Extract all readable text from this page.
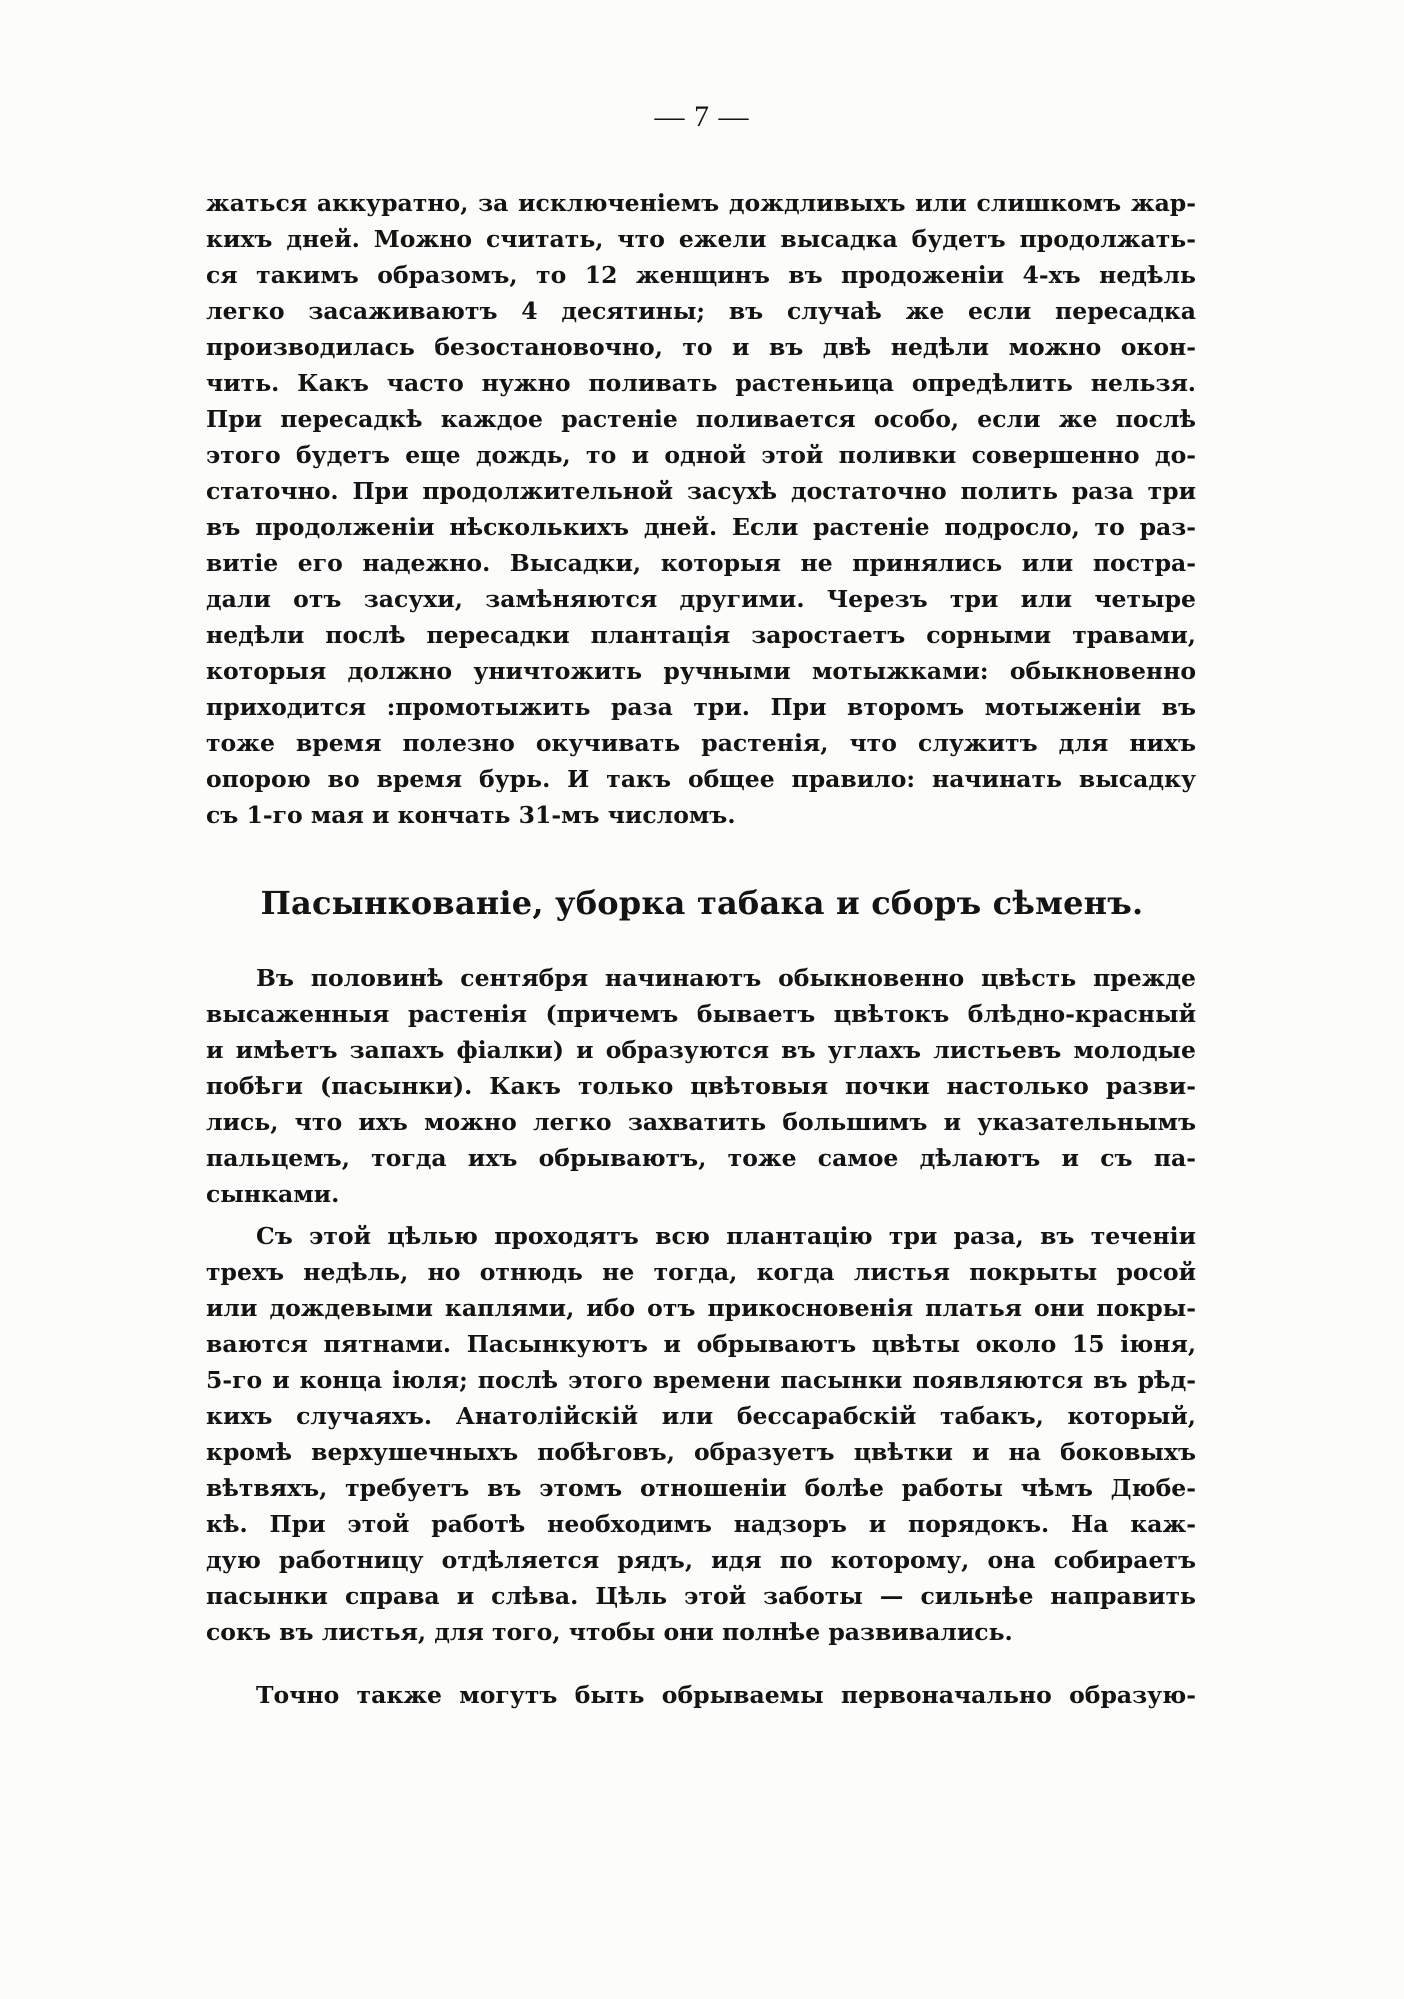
— 7 —
жаться аккуратно, за исключеніемъ дождливыхъ или слишкомъ жар-
кихъ дней. Можно считать, что ежели высадка будетъ продолжать-
ся такимъ образомъ, то 12 женщинъ въ продоженіи 4-хъ недѣль
легко засаживаютъ 4 десятины; въ случаѣ же если пересадка
производилась безостановочно, то и въ двѣ недѣли можно окон-
чить. Какъ часто нужно поливать растеньица опредѣлить нельзя.
При пересадкѣ каждое растеніе поливается особо, если же послѣ
этого будетъ еще дождь, то и одной этой поливки совершенно до-
статочно. При продолжительной засухѣ достаточно полить раза три
въ продолженіи нѣсколькихъ дней. Если растеніе подросло, то раз-
витіе его надежно. Высадки, которыя не принялись или постра-
дали отъ засухи, замѣняются другими. Черезъ три или четыре
недѣли послѣ пересадки плантація заростаетъ сорными травами,
которыя должно уничтожить ручными мотыжками: обыкновенно
приходится :промотыжить раза три. При второмъ мотыженіи въ
тоже время полезно окучивать растенія, что служитъ для нихъ
опорою во время бурь. И такъ общее правило: начинать высадку
съ 1-го мая и кончать 31-мъ числомъ.
Пасынкованіе, уборка табака и сборъ сѣменъ.
Въ половинѣ сентября начинаютъ обыкновенно цвѣсть прежде
высаженныя растенія (причемъ бываетъ цвѣтокъ блѣдно-красный
и имѣетъ запахъ фіалки) и образуются въ углахъ листьевъ молодые
побѣги (пасынки). Какъ только цвѣтовыя почки настолько разви-
лись, что ихъ можно легко захватить большимъ и указательнымъ
пальцемъ, тогда ихъ обрываютъ, тоже самое дѣлаютъ и съ па-
сынками.
Съ этой цѣлью проходятъ всю плантацію три раза, въ теченіи
трехъ недѣль, но отнюдь не тогда, когда листья покрыты росой
или дождевыми каплями, ибо отъ прикосновенія платья они покры-
ваются пятнами. Пасынкуютъ и обрываютъ цвѣты около 15 іюня,
5-го и конца іюля; послѣ этого времени пасынки появляются въ рѣд-
кихъ случаяхъ. Анатолійскій или бессарабскій табакъ, который,
кромѣ верхушечныхъ побѣговъ, образуетъ цвѣтки и на боковыхъ
вѣтвяхъ, требуетъ въ этомъ отношеніи болѣе работы чѣмъ Дюбе-
кѣ. При этой работѣ необходимъ надзоръ и порядокъ. На каж-
дую работницу отдѣляется рядъ, идя по которому, она собираетъ
пасынки справа и слѣва. Цѣль этой заботы — сильнѣе направить
сокъ въ листья, для того, чтобы они полнѣе развивались.
Точно также могутъ быть обрываемы первоначально образую-
